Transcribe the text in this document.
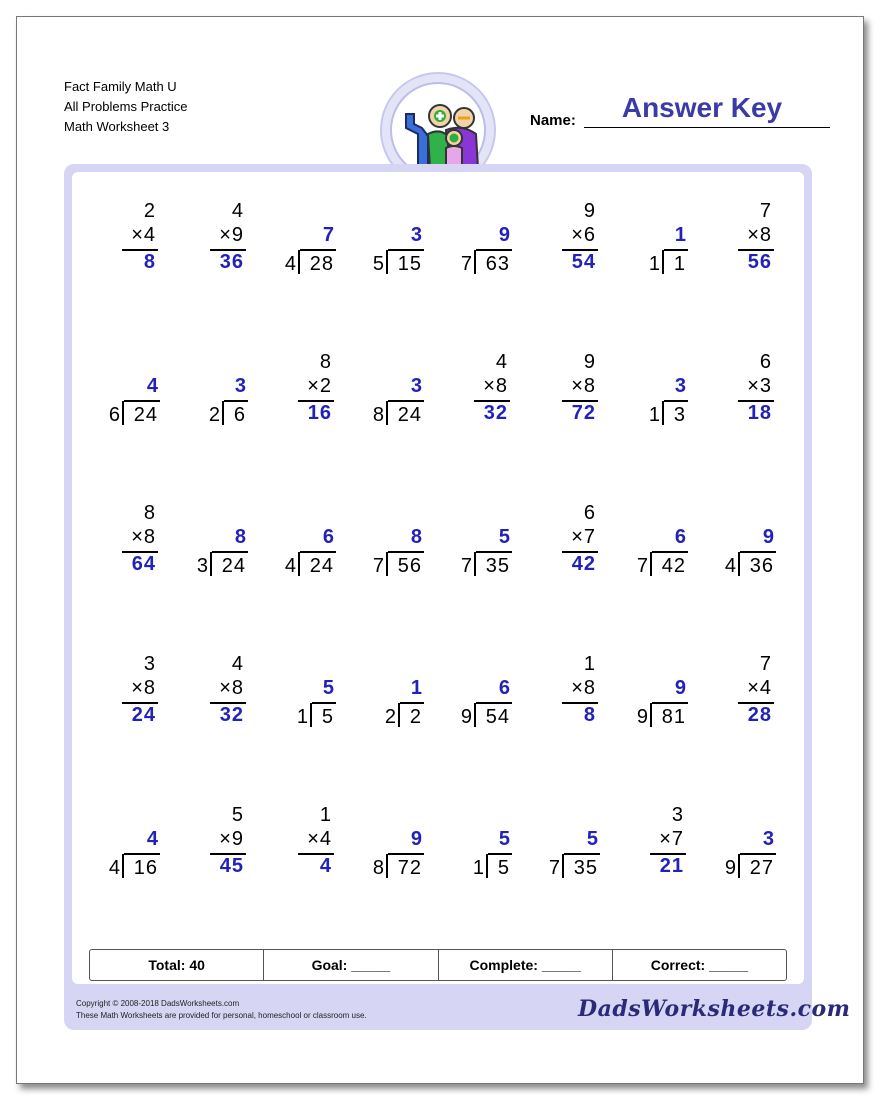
Fact Family Math U
All Problems Practice
Math Worksheet 3	Name:	Answer Key
2
×4
8
4
×9
36
7
4 28
3
5 15
9
7 63
9
×6
54
1
1 1
7
×8
56
4
6 24
3
2 6
8
×2
16
3
8 24
4
×8
32
9
×8
72
3
1 3
6
×3
18
8
×8
64
8
3 24
6
4 24
8
7 56
5
7 35
6
×7
42
6
7 42
9
4 36
3
×8
24
4
×8
32
5
1 5
1
2 2
6
9 54
1
×8
8
9
9 81
7
×4
28
4
4 16
5
×9
45
1
×4
4
9
8 72
5
1 5
5
7 35
3
×7
21
3
9 27
Total: 40	Goal: _____	Complete: _____	Correct: _____
Copyright © 2008-2018 DadsWorksheets.com
These Math Worksheets are provided for personal, homeschool or classroom use.	DadsWorksheets.com
